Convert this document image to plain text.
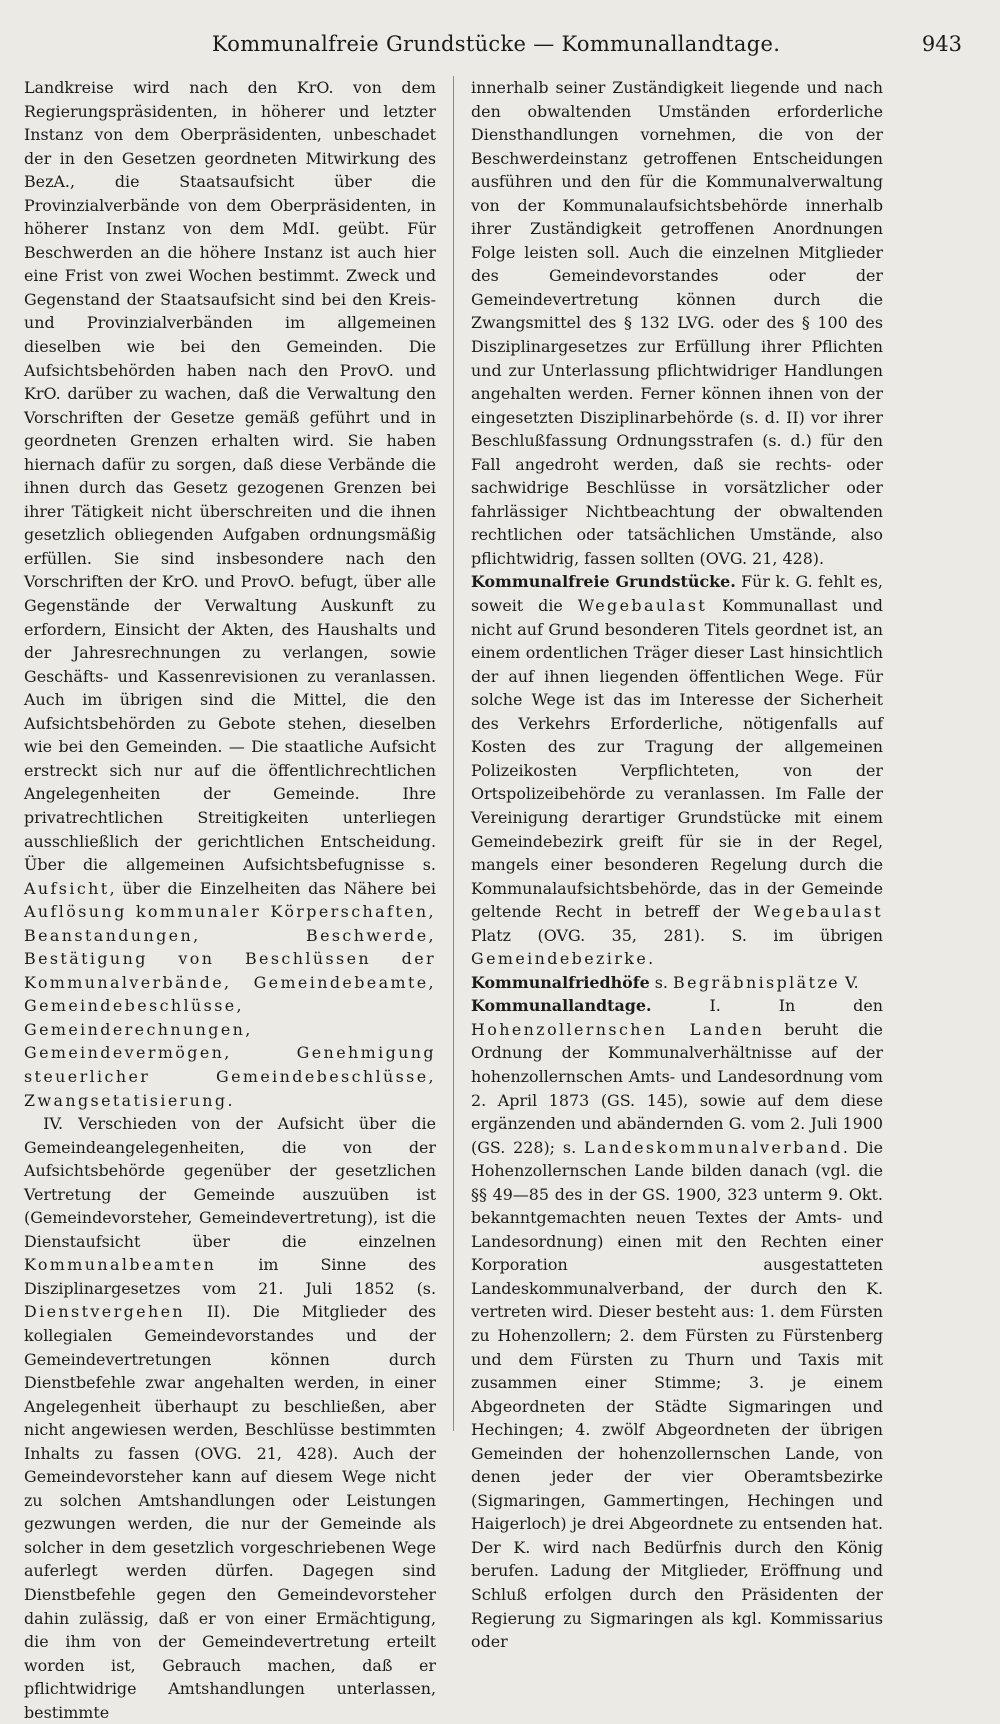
Kommunalfreie Grundstücke — Kommunallandtage.	943

Landkreise wird nach den KrO. von dem Regierungspräsidenten, in höherer und letzter Instanz von dem Oberpräsidenten, unbeschadet der in den Gesetzen geordneten Mitwirkung des BezA., die Staatsaufsicht über die Provinzialverbände von dem Oberpräsidenten, in höherer Instanz von dem MdI. geübt. Für Beschwerden an die höhere Instanz ist auch hier eine Frist von zwei Wochen bestimmt. Zweck und Gegenstand der Staatsaufsicht sind bei den Kreis- und Provinzialverbänden im allgemeinen dieselben wie bei den Gemeinden. Die Aufsichtsbehörden haben nach den ProvO. und KrO. darüber zu wachen, daß die Verwaltung den Vorschriften der Gesetze gemäß geführt und in geordneten Grenzen erhalten wird. Sie haben hiernach dafür zu sorgen, daß diese Verbände die ihnen durch das Gesetz gezogenen Grenzen bei ihrer Tätigkeit nicht überschreiten und die ihnen gesetzlich obliegenden Aufgaben ordnungsmäßig erfüllen. Sie sind insbesondere nach den Vorschriften der KrO. und ProvO. befugt, über alle Gegenstände der Verwaltung Auskunft zu erfordern, Einsicht der Akten, des Haushalts und der Jahresrechnungen zu verlangen, sowie Geschäfts- und Kassenrevisionen zu veranlassen. Auch im übrigen sind die Mittel, die den Aufsichtsbehörden zu Gebote stehen, dieselben wie bei den Gemeinden. — Die staatliche Aufsicht erstreckt sich nur auf die öffentlichrechtlichen Angelegenheiten der Gemeinde. Ihre privatrechtlichen Streitigkeiten unterliegen ausschließlich der gerichtlichen Entscheidung. Über die allgemeinen Aufsichtsbefugnisse s. Aufsicht, über die Einzelheiten das Nähere bei Auflösung kommunaler Körperschaften, Beanstandungen, Beschwerde, Bestätigung von Beschlüssen der Kommunalverbände, Gemeindebeamte, Gemeindebeschlüsse, Gemeinderechnungen, Gemeindevermögen, Genehmigung steuerlicher Gemeindebeschlüsse, Zwangsetatisierung.

IV. Verschieden von der Aufsicht über die Gemeindeangelegenheiten, die von der Aufsichtsbehörde gegenüber der gesetzlichen Vertretung der Gemeinde auszuüben ist (Gemeindevorsteher, Gemeindevertretung), ist die Dienstaufsicht über die einzelnen Kommunalbeamten	im Sinne des Disziplinargesetzes vom 21. Juli 1852 (s. Dienstvergehen II). Die Mitglieder des kollegialen Gemeindevorstandes und der Gemeindevertretungen können durch Dienstbefehle zwar angehalten werden, in einer Angelegenheit überhaupt zu beschließen, aber nicht angewiesen werden, Beschlüsse bestimmten Inhalts zu fassen (OVG. 21, 428). Auch der Gemeindevorsteher kann auf diesem Wege nicht zu solchen Amtshandlungen oder Leistungen gezwungen werden, die nur der Gemeinde als solcher in dem gesetzlich vorgeschriebenen Wege auferlegt werden dürfen. Dagegen sind Dienstbefehle gegen den Gemeindevorsteher dahin zulässig, daß er von einer Ermächtigung, die ihm von der Gemeindevertretung erteilt worden ist, Gebrauch machen, daß er pflichtwidrige Amtshandlungen unterlassen, bestimmte

innerhalb seiner Zuständigkeit liegende und nach den obwaltenden Umständen erforderliche Diensthandlungen vornehmen, die von der Beschwerdeinstanz getroffenen Entscheidungen ausführen und den für die Kommunalverwaltung von der Kommunalaufsichtsbehörde innerhalb ihrer Zuständigkeit getroffenen Anordnungen Folge leisten soll. Auch die einzelnen Mitglieder des Gemeindevorstandes oder der Gemeindevertretung können durch die Zwangsmittel des § 132 LVG. oder des § 100 des Disziplinargesetzes zur Erfüllung ihrer Pflichten und zur Unterlassung pflichtwidriger Handlungen angehalten werden. Ferner können ihnen von der eingesetzten Disziplinarbehörde (s. d. II) vor ihrer Beschlußfassung Ordnungsstrafen (s. d.) für den Fall angedroht werden, daß sie rechts- oder sachwidrige Beschlüsse in vorsätzlicher oder fahrlässiger Nichtbeachtung der obwaltenden rechtlichen oder tatsächlichen Umstände, also pflichtwidrig, fassen sollten (OVG. 21, 428).

Kommunalfreie Grundstücke. Für k. G. fehlt es, soweit die Wegebaulast Kommunallast und nicht auf Grund besonderen Titels geordnet ist, an einem ordentlichen Träger dieser Last hinsichtlich der auf ihnen liegenden öffentlichen Wege. Für solche Wege ist das im Interesse der Sicherheit des Verkehrs Erforderliche, nötigenfalls auf Kosten des zur Tragung der allgemeinen Polizeikosten Verpflichteten, von der Ortspolizeibehörde zu veranlassen. Im Falle der Vereinigung derartiger Grundstücke mit einem Gemeindebezirk greift für sie in der Regel, mangels einer besonderen Regelung durch die Kommunalaufsichtsbehörde, das in der Gemeinde geltende Recht in betreff der Wegebaulast Platz (OVG. 35, 281). S. im übrigen Gemeindebezirke.

Kommunalfriedhöfe s. Begräbnisplätze V.

Kommunallandtage.	I. In den Hohenzollernschen Landen beruht die Ordnung der Kommunalverhältnisse auf der hohenzollernschen Amts- und Landesordnung vom 2. April 1873 (GS. 145), sowie auf dem diese ergänzenden und abändernden G. vom 2. Juli 1900 (GS. 228); s. Landeskommunalverband. Die Hohenzollernschen Lande bilden danach (vgl. die §§ 49—85 des in der GS. 1900, 323 unterm 9. Okt. bekanntgemachten neuen Textes der Amts- und Landesordnung) einen mit den Rechten einer Korporation ausgestatteten Landeskommunalverband, der durch den K. vertreten wird. Dieser besteht aus: 1. dem Fürsten zu Hohenzollern; 2. dem Fürsten zu Fürstenberg und dem Fürsten zu Thurn und Taxis mit zusammen einer Stimme; 3. je einem Abgeordneten der Städte Sigmaringen und Hechingen; 4. zwölf Abgeordneten der übrigen Gemeinden der hohenzollernschen Lande, von denen jeder der vier Oberamtsbezirke (Sigmaringen, Gammertingen, Hechingen und Haigerloch) je drei Abgeordnete zu entsenden hat. Der K. wird nach Bedürfnis durch den König berufen. Ladung der Mitglieder, Eröffnung und Schluß erfolgen durch den Präsidenten der Regierung zu Sigmaringen als kgl. Kommissarius oder
